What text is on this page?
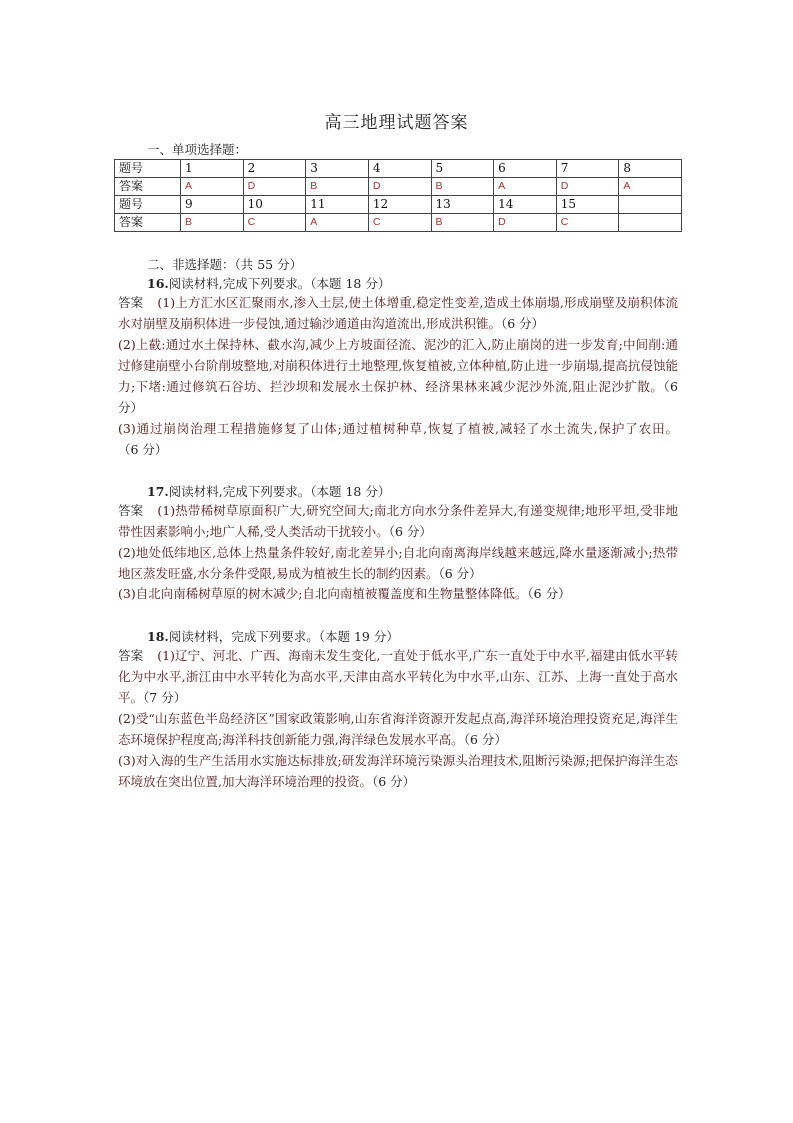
高三地理试题答案
一、单项选择题：
题号	1	2	3	4	5	6	7	8
答案	A	D	B	D	B	A	D	A
题号	9	10	11	12	13	14	15	
答案	B	C	A	C	B	D	C	
二、非选择题：（共 55 分）
16.阅读材料,完成下列要求。（本题 18 分）
答案 (1)上方汇水区汇聚雨水,渗入土层,使土体增重,稳定性变差,造成土体崩塌,形成崩壁及崩积体流水对崩壁及崩积体进一步侵蚀,通过输沙通道由沟道流出,形成洪积锥。（6 分）
(2)上截:通过水土保持林、截水沟,减少上方坡面径流、泥沙的汇入,防止崩岗的进一步发育;中间削:通过修建崩壁小台阶削坡整地,对崩积体进行土地整理,恢复植被,立体种植,防止进一步崩塌,提高抗侵蚀能力;下堵:通过修筑石谷坊、拦沙坝和发展水土保护林、经济果林来减少泥沙外流,阻止泥沙扩散。（6 分）
(3)通过崩岗治理工程措施修复了山体;通过植树种草,恢复了植被,减轻了水土流失,保护了农田。（6 分）
17.阅读材料,完成下列要求。（本题 18 分）
答案 (1)热带稀树草原面积广大,研究空间大;南北方向水分条件差异大,有递变规律;地形平坦,受非地带性因素影响小;地广人稀,受人类活动干扰较小。（6 分）
(2)地处低纬地区,总体上热量条件较好,南北差异小;自北向南离海岸线越来越远,降水量逐渐减小;热带地区蒸发旺盛,水分条件受限,易成为植被生长的制约因素。（6 分）
(3)自北向南稀树草原的树木减少;自北向南植被覆盖度和生物量整体降低。（6 分）
18.阅读材料，完成下列要求。（本题 19 分）
答案 (1)辽宁、河北、广西、海南未发生变化,一直处于低水平,广东一直处于中水平,福建由低水平转化为中水平,浙江由中水平转化为高水平,天津由高水平转化为中水平,山东、江苏、上海一直处于高水平。（7 分）
(2)受“山东蓝色半岛经济区”国家政策影响,山东省海洋资源开发起点高,海洋环境治理投资充足,海洋生态环境保护程度高;海洋科技创新能力强,海洋绿色发展水平高。（6 分）
(3)对入海的生产生活用水实施达标排放;研发海洋环境污染源头治理技术,阻断污染源;把保护海洋生态环境放在突出位置,加大海洋环境治理的投资。（6 分）
